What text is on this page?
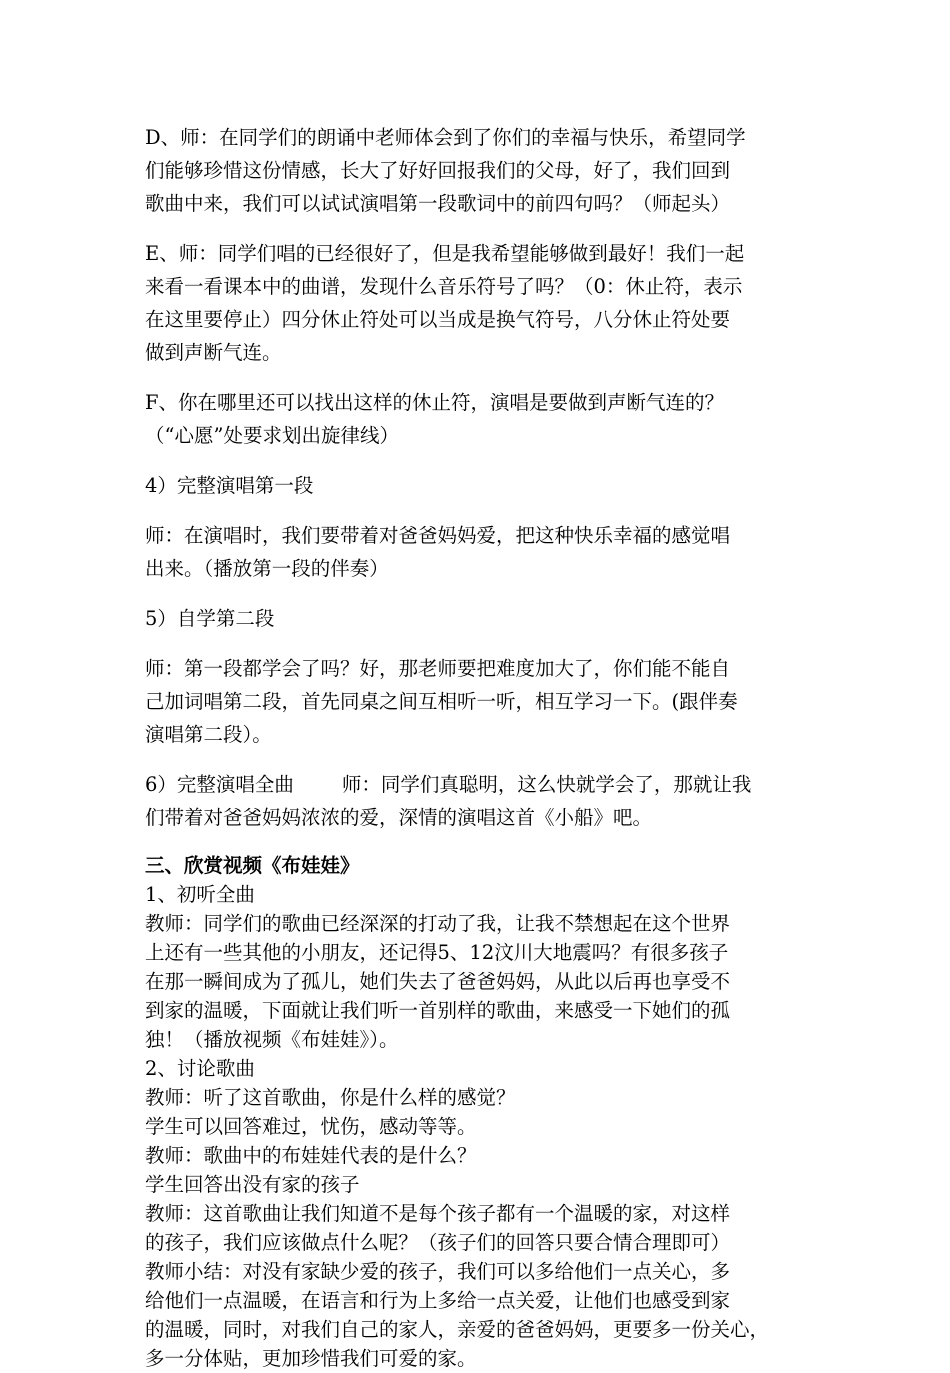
D、师：在同学们的朗诵中老师体会到了你们的幸福与快乐，希望同学
们能够珍惜这份情感，长大了好好回报我们的父母，好了，我们回到
歌曲中来，我们可以试试演唱第一段歌词中的前四句吗？（师起头）
E、师：同学们唱的已经很好了，但是我希望能够做到最好！我们一起
来看一看课本中的曲谱，发现什么音乐符号了吗？（0：休止符，表示
在这里要停止）四分休止符处可以当成是换气符号，八分休止符处要
做到声断气连。
F、你在哪里还可以找出这样的休止符，演唱是要做到声断气连的？
（“心愿”处要求划出旋律线）
4）完整演唱第一段
师：在演唱时，我们要带着对爸爸妈妈爱，把这种快乐幸福的感觉唱
出来。（播放第一段的伴奏）
5）自学第二段
师：第一段都学会了吗？好，那老师要把难度加大了，你们能不能自
己加词唱第二段，首先同桌之间互相听一听，相互学习一下。(跟伴奏
演唱第二段）。
6）完整演唱全曲 师：同学们真聪明，这么快就学会了，那就让我
们带着对爸爸妈妈浓浓的爱，深情的演唱这首《小船》吧。
三、欣赏视频《布娃娃》
1、初听全曲
教师：同学们的歌曲已经深深的打动了我，让我不禁想起在这个世界
上还有一些其他的小朋友，还记得5、12汶川大地震吗？有很多孩子
在那一瞬间成为了孤儿，她们失去了爸爸妈妈，从此以后再也享受不
到家的温暖，下面就让我们听一首别样的歌曲，来感受一下她们的孤
独！（播放视频《布娃娃》）。
2、讨论歌曲
教师：听了这首歌曲，你是什么样的感觉？
学生可以回答难过，忧伤，感动等等。
教师：歌曲中的布娃娃代表的是什么？
学生回答出没有家的孩子
教师：这首歌曲让我们知道不是每个孩子都有一个温暖的家，对这样
的孩子，我们应该做点什么呢？（孩子们的回答只要合情合理即可）
教师小结：对没有家缺少爱的孩子，我们可以多给他们一点关心，多
给他们一点温暖，在语言和行为上多给一点关爱，让他们也感受到家
的温暖，同时，对我们自己的家人，亲爱的爸爸妈妈，更要多一份关心，
多一分体贴，更加珍惜我们可爱的家。
